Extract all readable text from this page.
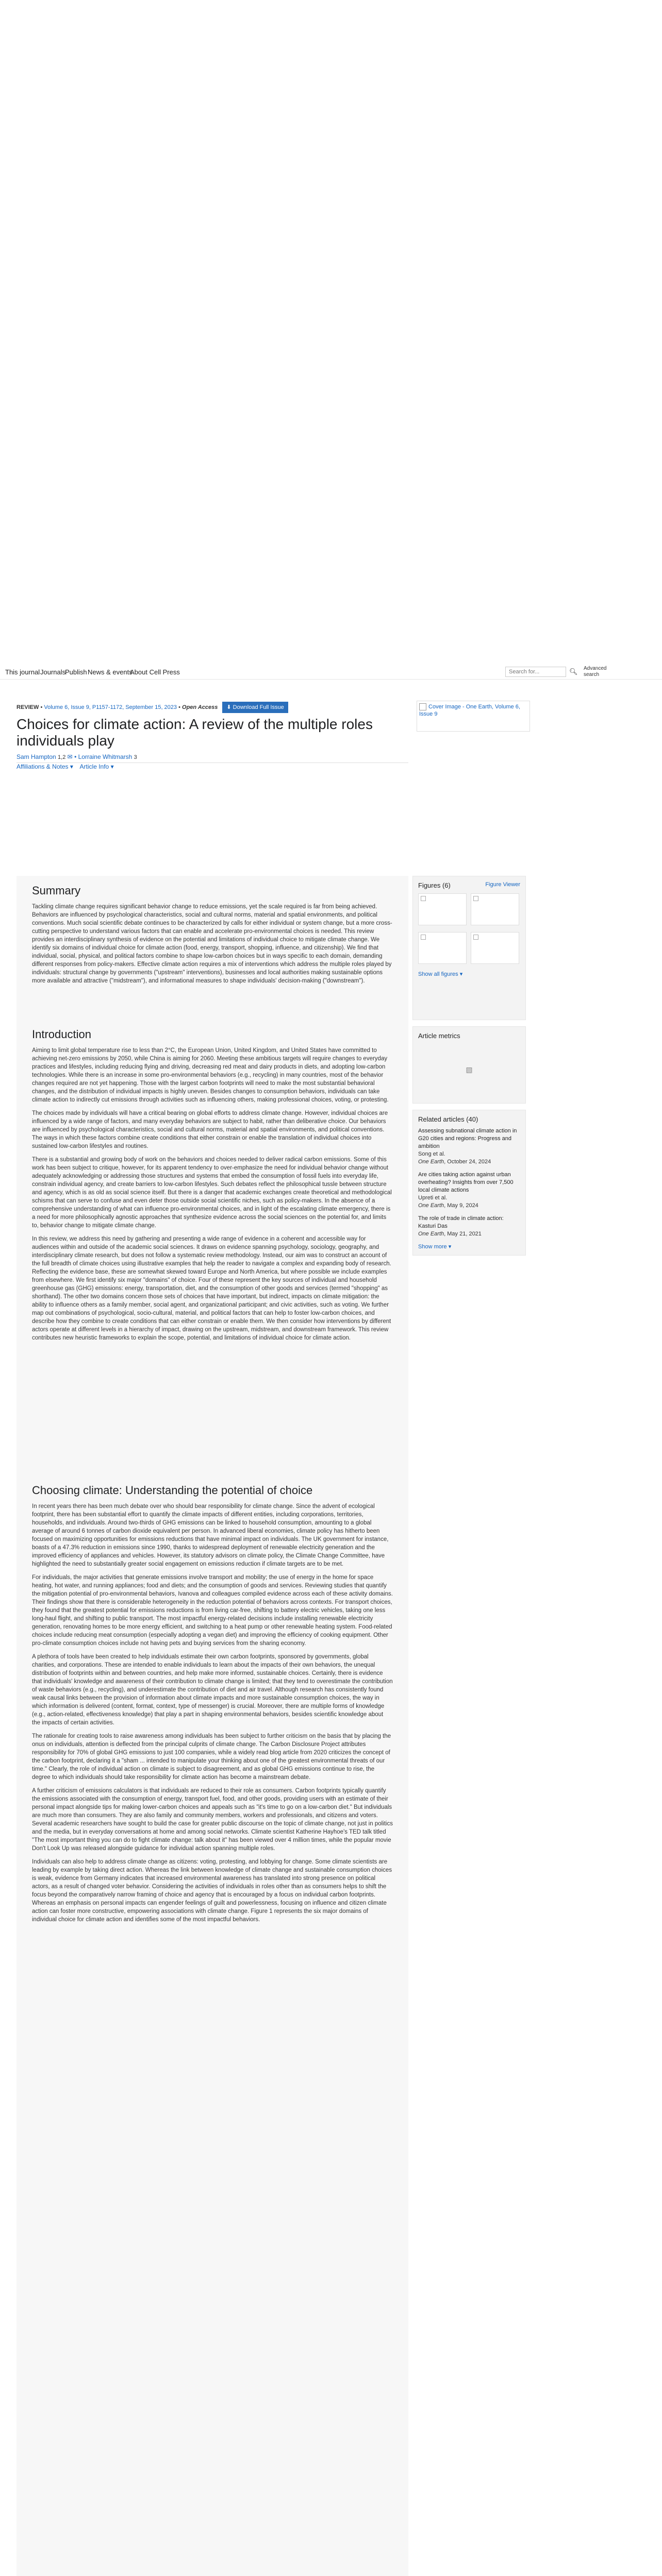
This journal Journals
Publish News & events
About Cell Press	Search for...	🔍︎ Advanced search
REVIEW • Volume 6, Issue 9, P1157-1172, September 15, 2023 • Open Access ⬇ Download Full Issue
Choices for climate action: A review of the multiple roles individuals play
Sam Hampton 1,2 ✉ • Lorraine Whitmarsh 3
Affiliations & Notes ▾    Article Info ▾
Cover Image - One Earth, Volume 6, Issue 9
Summary

Tackling climate change requires significant behavior change to reduce emissions, yet the scale required is far from being achieved. Behaviors are influenced by psychological characteristics, social and cultural norms, material and spatial environments, and political conventions. Much social scientific debate continues to be characterized by calls for either individual or system change, but a more cross-cutting perspective to understand various factors that can enable and accelerate pro-environmental choices is needed. This review provides an interdisciplinary synthesis of evidence on the potential and limitations of individual choice to mitigate climate change. We identify six domains of individual choice for climate action (food, energy, transport, shopping, influence, and citizenship). We find that individual, social, physical, and political factors combine to shape low-carbon choices but in ways specific to each domain, demanding different responses from policy-makers. Effective climate action requires a mix of interventions which address the multiple roles played by individuals: structural change by governments ("upstream" interventions), businesses and local authorities making sustainable options more available and attractive ("midstream"), and informational measures to shape individuals' decision-making ("downstream").

Introduction

Aiming to limit global temperature rise to less than 2°C, the European Union, United Kingdom, and United States have committed to achieving net-zero emissions by 2050, while China is aiming for 2060. Meeting these ambitious targets will require changes to everyday practices and lifestyles, including reducing flying and driving, decreasing red meat and dairy products in diets, and adopting low-carbon technologies. While there is an increase in some pro-environmental behaviors (e.g., recycling) in many countries, most of the behavior changes required are not yet happening. Those with the largest carbon footprints will need to make the most substantial behavioral changes, and the distribution of individual impacts is highly uneven. Besides changes to consumption behaviors, individuals can take climate action to indirectly cut emissions through activities such as influencing others, making professional choices, voting, or protesting.

The choices made by individuals will have a critical bearing on global efforts to address climate change. However, individual choices are influenced by a wide range of factors, and many everyday behaviors are subject to habit, rather than deliberative choice. Our behaviors are influenced by psychological characteristics, social and cultural norms, material and spatial environments, and political conventions. The ways in which these factors combine create conditions that either constrain or enable the translation of individual choices into sustained low-carbon lifestyles and routines.

There is a substantial and growing body of work on the behaviors and choices needed to deliver radical carbon emissions. Some of this work has been subject to critique, however, for its apparent tendency to over-emphasize the need for individual behavior change without adequately acknowledging or addressing those structures and systems that embed the consumption of fossil fuels into everyday life, constrain individual agency, and create barriers to low-carbon lifestyles. Such debates reflect the philosophical tussle between structure and agency, which is as old as social science itself. But there is a danger that academic exchanges create theoretical and methodological schisms that can serve to confuse and even deter those outside social scientific niches, such as policy-makers. In the absence of a comprehensive understanding of what can influence pro-environmental choices, and in light of the escalating climate emergency, there is a need for more philosophically agnostic approaches that synthesize evidence across the social sciences on the potential for, and limits to, behavior change to mitigate climate change.

In this review, we address this need by gathering and presenting a wide range of evidence in a coherent and accessible way for audiences within and outside of the academic social sciences. It draws on evidence spanning psychology, sociology, geography, and interdisciplinary climate research, but does not follow a systematic review methodology. Instead, our aim was to construct an account of the full breadth of climate choices using illustrative examples that help the reader to navigate a complex and expanding body of research. Reflecting the evidence base, these are somewhat skewed toward Europe and North America, but where possible we include examples from elsewhere. We first identify six major "domains" of choice. Four of these represent the key sources of individual and household greenhouse gas (GHG) emissions: energy, transportation, diet, and the consumption of other goods and services (termed "shopping" as shorthand). The other two domains concern those sets of choices that have important, but indirect, impacts on climate mitigation: the ability to influence others as a family member, social agent, and organizational participant; and civic activities, such as voting. We further map out combinations of psychological, socio-cultural, material, and political factors that can help to foster low-carbon choices, and describe how they combine to create conditions that can either constrain or enable them. We then consider how interventions by different actors operate at different levels in a hierarchy of impact, drawing on the upstream, midstream, and downstream framework. This review contributes new heuristic frameworks to explain the scope, potential, and limitations of individual choice for climate action.

Choosing climate: Understanding the potential of choice

In recent years there has been much debate over who should bear responsibility for climate change. Since the advent of ecological footprint, there has been substantial effort to quantify the climate impacts of different entities, including corporations, territories, households, and individuals. Around two-thirds of GHG emissions can be linked to household consumption, amounting to a global average of around 6 tonnes of carbon dioxide equivalent per person. In advanced liberal economies, climate policy has hitherto been focused on maximizing opportunities for emissions reductions that have minimal impact on individuals. The UK government for instance, boasts of a 47.3% reduction in emissions since 1990, thanks to widespread deployment of renewable electricity generation and the improved efficiency of appliances and vehicles. However, its statutory advisors on climate policy, the Climate Change Committee, have highlighted the need to substantially greater social engagement on emissions reduction if climate targets are to be met.

For individuals, the major activities that generate emissions involve transport and mobility; the use of energy in the home for space heating, hot water, and running appliances; food and diets; and the consumption of goods and services. Reviewing studies that quantify the mitigation potential of pro-environmental behaviors, Ivanova and colleagues compiled evidence across each of these activity domains. Their findings show that there is considerable heterogeneity in the reduction potential of behaviors across contexts. For transport choices, they found that the greatest potential for emissions reductions is from living car-free, shifting to battery electric vehicles, taking one less long-haul flight, and shifting to public transport. The most impactful energy-related decisions include installing renewable electricity generation, renovating homes to be more energy efficient, and switching to a heat pump or other renewable heating system. Food-related choices include reducing meat consumption (especially adopting a vegan diet) and improving the efficiency of cooking equipment. Other pro-climate consumption choices include not having pets and buying services from the sharing economy.

A plethora of tools have been created to help individuals estimate their own carbon footprints, sponsored by governments, global charities, and corporations. These are intended to enable individuals to learn about the impacts of their own behaviors, the unequal distribution of footprints within and between countries, and help make more informed, sustainable choices. Certainly, there is evidence that individuals' knowledge and awareness of their contribution to climate change is limited; that they tend to overestimate the contribution of waste behaviors (e.g., recycling), and underestimate the contribution of diet and air travel. Although research has consistently found weak causal links between the provision of information about climate impacts and more sustainable consumption choices, the way in which information is delivered (content, format, context, type of messenger) is crucial. Moreover, there are multiple forms of knowledge (e.g., action-related, effectiveness knowledge) that play a part in shaping environmental behaviors, besides scientific knowledge about the impacts of certain activities.

The rationale for creating tools to raise awareness among individuals has been subject to further criticism on the basis that by placing the onus on individuals, attention is deflected from the principal culprits of climate change. The Carbon Disclosure Project attributes responsibility for 70% of global GHG emissions to just 100 companies, while a widely read blog article from 2020 criticizes the concept of the carbon footprint, declaring it a "sham ... intended to manipulate your thinking about one of the greatest environmental threats of our time." Clearly, the role of individual action on climate is subject to disagreement, and as global GHG emissions continue to rise, the degree to which individuals should take responsibility for climate action has become a mainstream debate.

A further criticism of emissions calculators is that individuals are reduced to their role as consumers. Carbon footprints typically quantify the emissions associated with the consumption of energy, transport fuel, food, and other goods, providing users with an estimate of their personal impact alongside tips for making lower-carbon choices and appeals such as "it's time to go on a low-carbon diet." But individuals are much more than consumers. They are also family and community members, workers and professionals, and citizens and voters. Several academic researchers have sought to build the case for greater public discourse on the topic of climate change, not just in politics and the media, but in everyday conversations at home and among social networks. Climate scientist Katherine Hayhoe's TED talk titled "The most important thing you can do to fight climate change: talk about it" has been viewed over 4 million times, while the popular movie Don't Look Up was released alongside guidance for individual action spanning multiple roles.

Individuals can also help to address climate change as citizens: voting, protesting, and lobbying for change. Some climate scientists are leading by example by taking direct action. Whereas the link between knowledge of climate change and sustainable consumption choices is weak, evidence from Germany indicates that increased environmental awareness has translated into strong presence on political actors, as a result of changed voter behavior. Considering the activities of individuals in roles other than as consumers helps to shift the focus beyond the comparatively narrow framing of choice and agency that is encouraged by a focus on individual carbon footprints. Whereas an emphasis on personal impacts can engender feelings of guilt and powerlessness, focusing on influence and citizen climate action can foster more constructive, empowering associations with climate change. Figure 1 represents the six major domains of individual choice for climate action and identifies some of the most impactful behaviors.

Figures (6)	Figure Viewer

Show all figures ▾
Article metrics
▧
Related articles (40)
Assessing subnational climate action in G20 cities and regions: Progress and ambition
Song et al.
One Earth, October 24, 2024
Are cities taking action against urban overheating? Insights from over 7,500 local climate actions
Upreti et al.
One Earth, May 9, 2024
The role of trade in climate action: Kasturi Das
One Earth, May 21, 2021
Show more ▾
